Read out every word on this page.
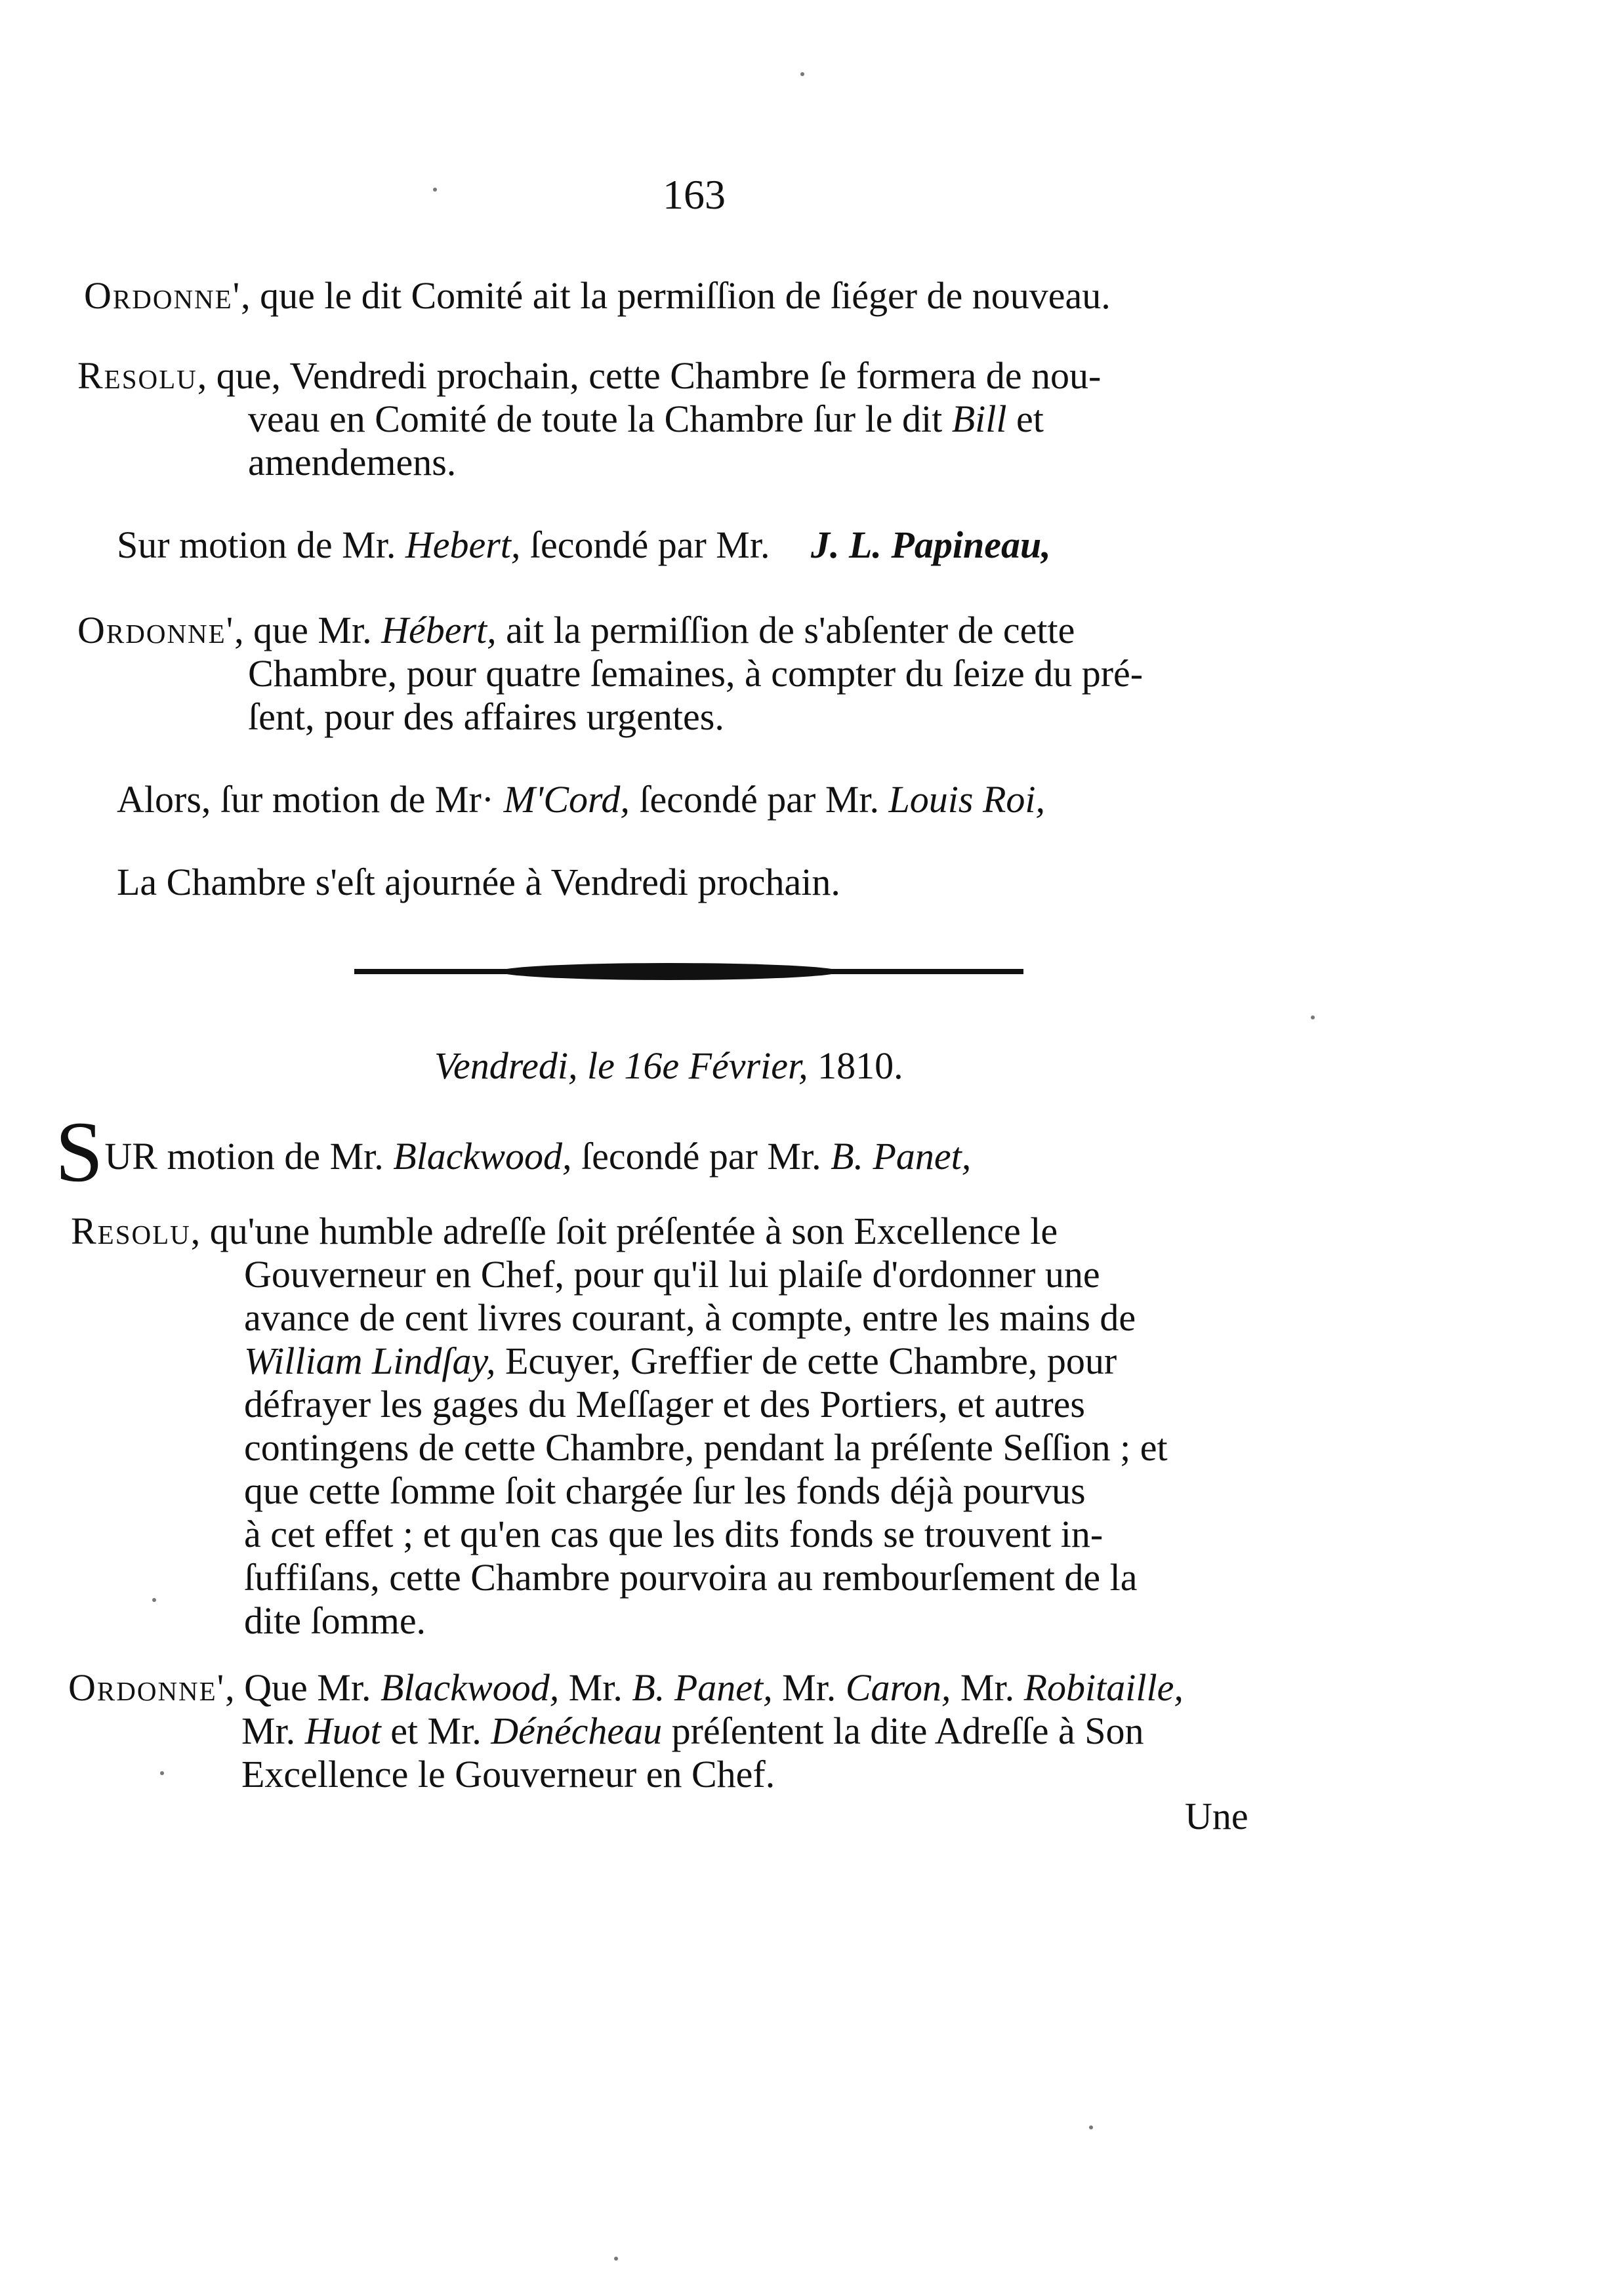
163
Ordonne', que le dit Comité ait la permiſſion de ſiéger de nouveau.
Resolu, que, Vendredi prochain, cette Chambre ſe formera de nou-
veau en Comité de toute la Chambre ſur le dit Bill et
amendemens.
Sur motion de Mr. Hebert, ſecondé par Mr. J. L. Papineau,
Ordonne', que Mr. Hébert, ait la permiſſion de s'abſenter de cette
Chambre, pour quatre ſemaines, à compter du ſeize du pré-
ſent, pour des affaires urgentes.
Alors, ſur motion de Mr· M'Cord, ſecondé par Mr. Louis Roi,
La Chambre s'eſt ajournée à Vendredi prochain.
Vendredi, le 16e Février, 1810.
SUR motion de Mr. Blackwood, ſecondé par Mr. B. Panet,
Resolu, qu'une humble adreſſe ſoit préſentée à son Excellence le
Gouverneur en Chef, pour qu'il lui plaiſe d'ordonner une
avance de cent livres courant, à compte, entre les mains de
William Lindſay, Ecuyer, Greffier de cette Chambre, pour
défrayer les gages du Meſſager et des Portiers, et autres
contingens de cette Chambre, pendant la préſente Seſſion ; et
que cette ſomme ſoit chargée ſur les fonds déjà pourvus
à cet effet ; et qu'en cas que les dits fonds se trouvent in-
ſuffiſans, cette Chambre pourvoira au rembourſement de la
dite ſomme.
Ordonne', Que Mr. Blackwood, Mr. B. Panet, Mr. Caron, Mr. Robitaille,
Mr. Huot et Mr. Dénécheau préſentent la dite Adreſſe à Son
Excellence le Gouverneur en Chef.
Une
